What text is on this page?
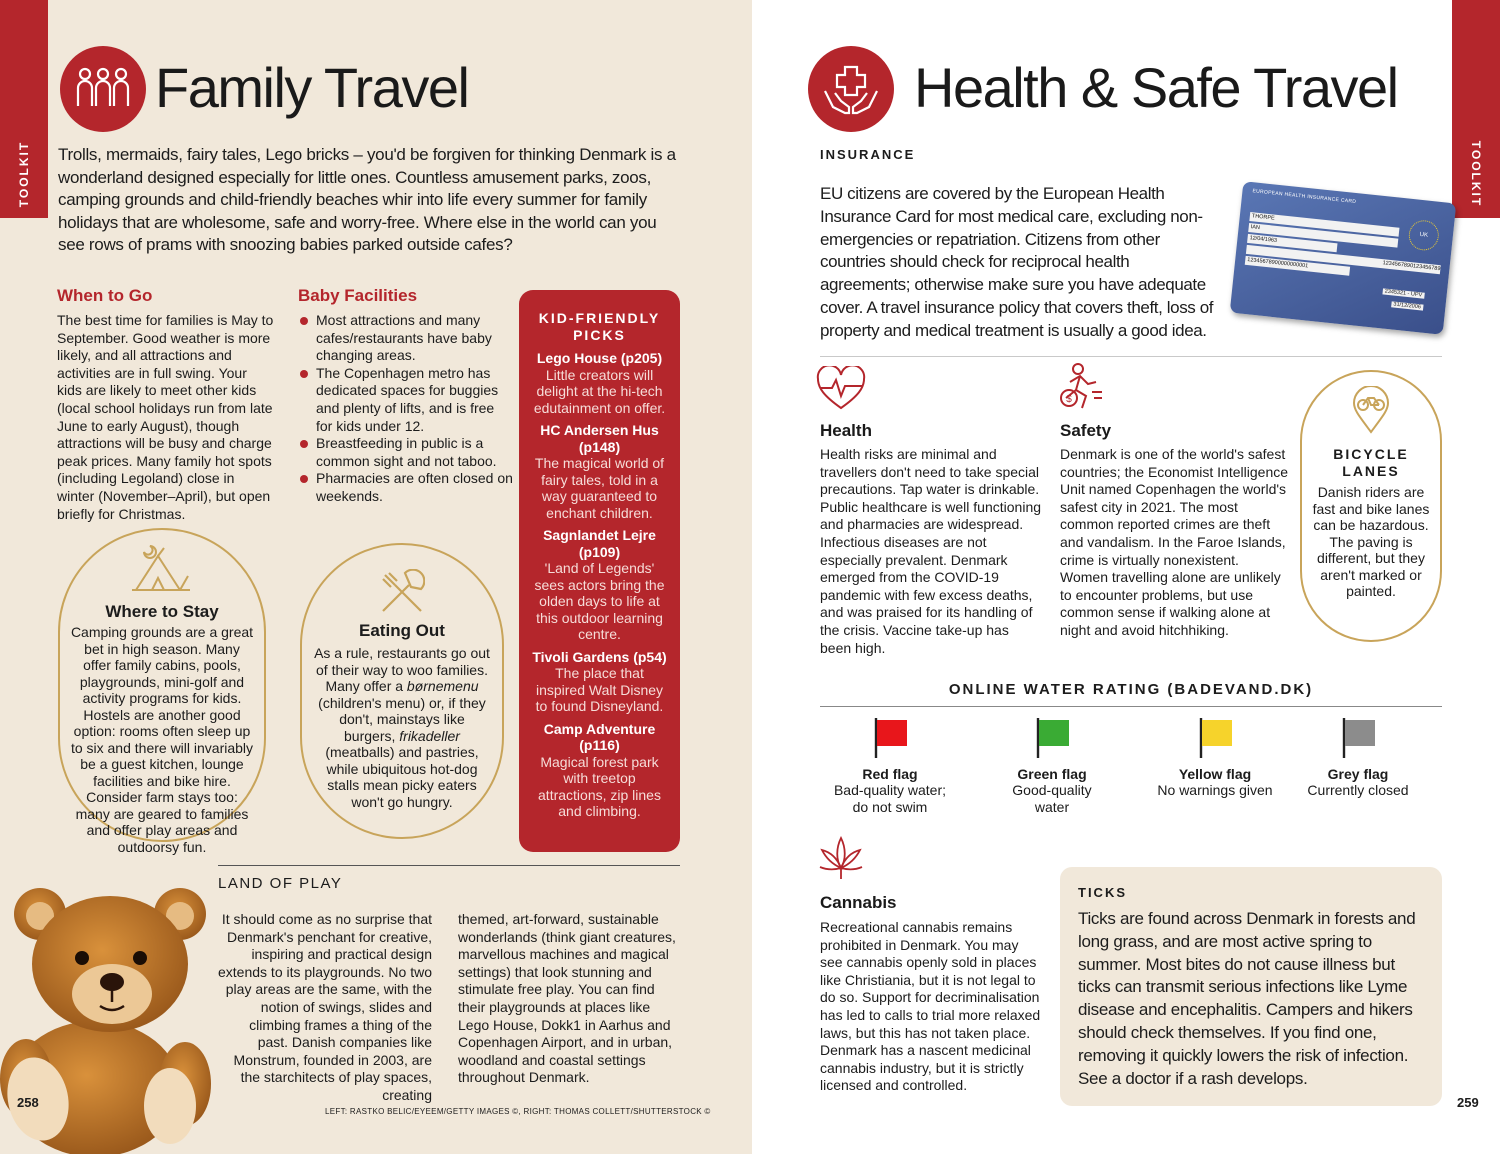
TOOLKIT
Family Travel
Trolls, mermaids, fairy tales, Lego bricks – you'd be forgiven for thinking Denmark is a wonderland designed especially for little ones. Countless amusement parks, zoos, camping grounds and child-friendly beaches whir into life every summer for family holidays that are wholesome, safe and worry-free. Where else in the world can you see rows of prams with snoozing babies parked outside cafes?
When to Go
The best time for families is May to September. Good weather is more likely, and all attractions and activities are in full swing. Your kids are likely to meet other kids (local school holidays run from late June to early August), though attractions will be busy and charge peak prices. Many family hot spots (including Legoland) close in winter (November–April), but open briefly for Christmas.
Baby Facilities
Most attractions and many cafes/restaurants have baby changing areas.
The Copenhagen metro has dedicated spaces for buggies and plenty of lifts, and is free for kids under 12.
Breastfeeding in public is a common sight and not taboo.
Pharmacies are often closed on weekends.
KID-FRIENDLY PICKS
Lego House (p205)
Little creators will delight at the hi-tech edutainment on offer.
HC Andersen Hus (p148)
The magical world of fairy tales, told in a way guaranteed to enchant children.
Sagnlandet Lejre (p109)
'Land of Legends' sees actors bring the olden days to life at this outdoor learning centre.
Tivoli Gardens (p54)
The place that inspired Walt Disney to found Disneyland.
Camp Adventure (p116)
Magical forest park with treetop attractions, zip lines and climbing.
Where to Stay
Camping grounds are a great bet in high season. Many offer family cabins, pools, playgrounds, mini-golf and activity programs for kids. Hostels are another good option: rooms often sleep up to six and there will invariably be a guest kitchen, lounge facilities and bike hire. Consider farm stays too: many are geared to families and offer play areas and outdoorsy fun.
Eating Out
As a rule, restaurants go out of their way to woo families. Many offer a børnemenu (children's menu) or, if they don't, mainstays like burgers, frikadeller (meatballs) and pastries, while ubiquitous hot-dog stalls mean picky eaters won't go hungry.
LAND OF PLAY
It should come as no surprise that Denmark's penchant for creative, inspiring and practical design extends to its playgrounds. No two play areas are the same, with the notion of swings, slides and climbing frames a thing of the past. Danish companies like Monstrum, founded in 2003, are the starchitects of play spaces, creating
themed, art-forward, sustainable wonderlands (think giant creatures, marvellous machines and magical settings) that look stunning and stimulate free play. You can find their playgrounds at places like Lego House, Dokk1 in Aarhus and Copenhagen Airport, and in urban, woodland and coastal settings throughout Denmark.
LEFT: RASTKO BELIC/EYEEM/GETTY IMAGES ©, RIGHT: THOMAS COLLETT/SHUTTERSTOCK ©
258
TOOLKIT
Health & Safe Travel
INSURANCE
EU citizens are covered by the European Health Insurance Card for most medical care, excluding non-emergencies or repatriation. Citizens from other countries should check for reciprocal health agreements; otherwise make sure you have adequate cover. A travel insurance policy that covers theft, loss of property and medical treatment is usually a good idea.
EUROPEAN HEALTH INSURANCE CARD
UK
THORPE
IAN
12/04/1963
1234567890123456789
12345678900000000001
2345321 - UPV
31/12/2006
Health
Health risks are minimal and travellers don't need to take special precautions. Tap water is drinkable. Public healthcare is well functioning and pharmacies are widespread. Infectious diseases are not especially prevalent. Denmark emerged from the COVID-19 pandemic with few excess deaths, and was praised for its handling of the crisis. Vaccine take-up has been high.
$
Safety
Denmark is one of the world's safest countries; the Economist Intelligence Unit named Copenhagen the world's safest city in 2021. The most common reported crimes are theft and vandalism. In the Faroe Islands, crime is virtually nonexistent. Women travelling alone are unlikely to encounter problems, but use common sense if walking alone at night and avoid hitchhiking.
BICYCLE LANES
Danish riders are fast and bike lanes can be hazardous. The paving is different, but they aren't marked or painted.
ONLINE WATER RATING (BADEVAND.DK)
Red flag
Bad-quality water; do not swim
Green flag
Good-quality water
Yellow flag
No warnings given
Grey flag
Currently closed
Cannabis
Recreational cannabis remains prohibited in Denmark. You may see cannabis openly sold in places like Christiania, but it is not legal to do so. Support for decriminalisation has led to calls to trial more relaxed laws, but this has not taken place. Denmark has a nascent medicinal cannabis industry, but it is strictly licensed and controlled.
TICKS
Ticks are found across Denmark in forests and long grass, and are most active spring to summer. Most bites do not cause illness but ticks can transmit serious infections like Lyme disease and encephalitis. Campers and hikers should check themselves. If you find one, removing it quickly lowers the risk of infection. See a doctor if a rash develops.
259
